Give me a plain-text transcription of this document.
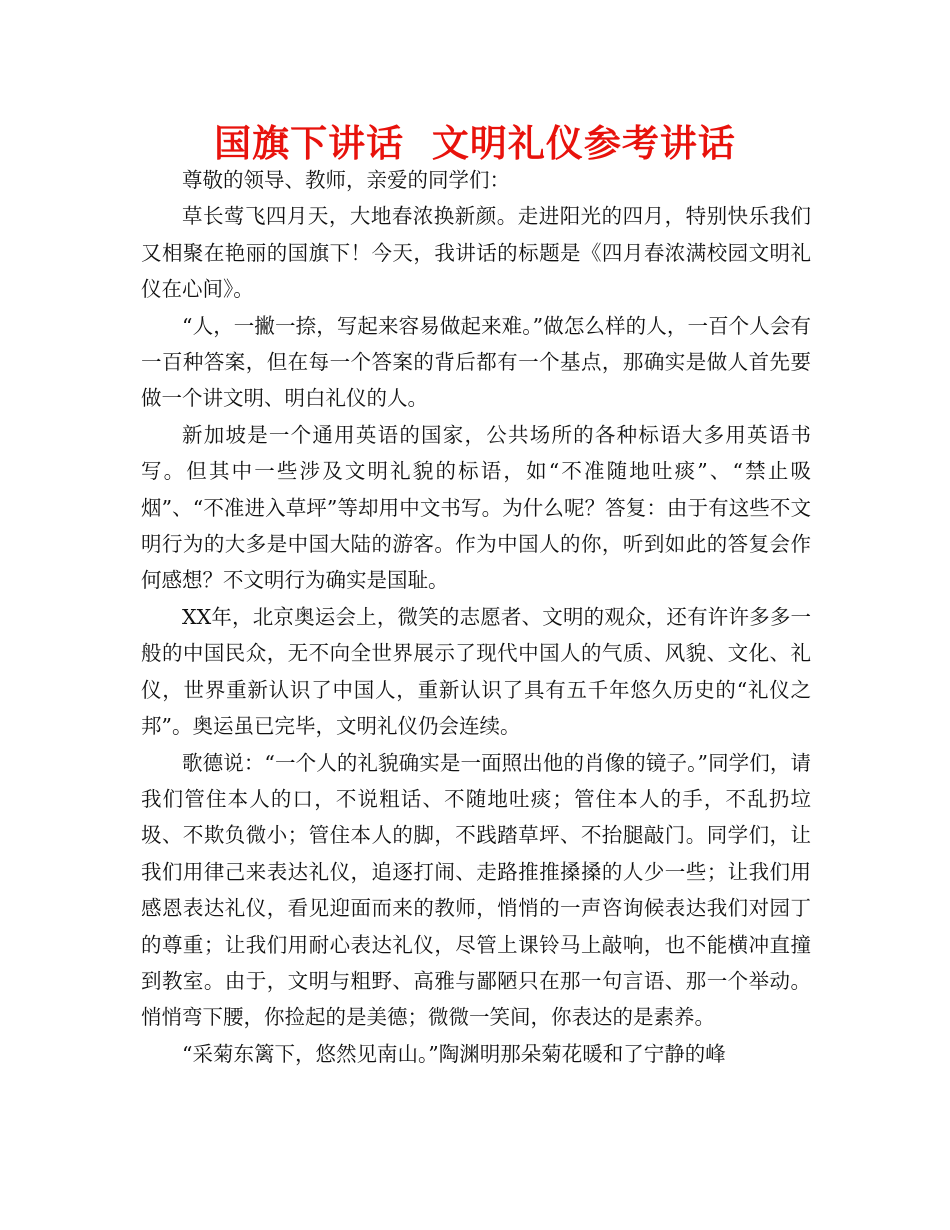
国旗下讲话  文明礼仪参考讲话

尊敬的领导、教师，亲爱的同学们：

草长莺飞四月天，大地春浓换新颜。走进阳光的四月，特别快乐我们又相聚在艳丽的国旗下！今天，我讲话的标题是《四月春浓满校园文明礼仪在心间》。

“人，一撇一捺，写起来容易做起来难。”做怎么样的人，一百个人会有一百种答案，但在每一个答案的背后都有一个基点，那确实是做人首先要做一个讲文明、明白礼仪的人。

新加坡是一个通用英语的国家，公共场所的各种标语大多用英语书写。但其中一些涉及文明礼貌的标语，如“不准随地吐痰”、“禁止吸烟”、“不准进入草坪”等却用中文书写。为什么呢？答复：由于有这些不文明行为的大多是中国大陆的游客。作为中国人的你，听到如此的答复会作何感想？不文明行为确实是国耻。

XX年，北京奥运会上，微笑的志愿者、文明的观众，还有许许多多一般的中国民众，无不向全世界展示了现代中国人的气质、风貌、文化、礼仪，世界重新认识了中国人，重新认识了具有五千年悠久历史的“礼仪之邦”。奥运虽已完毕，文明礼仪仍会连续。

歌德说：“一个人的礼貌确实是一面照出他的肖像的镜子。”同学们，请我们管住本人的口，不说粗话、不随地吐痰；管住本人的手，不乱扔垃圾、不欺负微小；管住本人的脚，不践踏草坪、不抬腿敲门。同学们，让我们用律己来表达礼仪，追逐打闹、走路推推搡搡的人少一些；让我们用感恩表达礼仪，看见迎面而来的教师，悄悄的一声咨询候表达我们对园丁的尊重；让我们用耐心表达礼仪，尽管上课铃马上敲响，也不能横冲直撞到教室。由于，文明与粗野、高雅与鄙陋只在那一句言语、那一个举动。悄悄弯下腰，你捡起的是美德；微微一笑间，你表达的是素养。

“采菊东篱下，悠然见南山。”陶渊明那朵菊花暖和了宁静的峰
